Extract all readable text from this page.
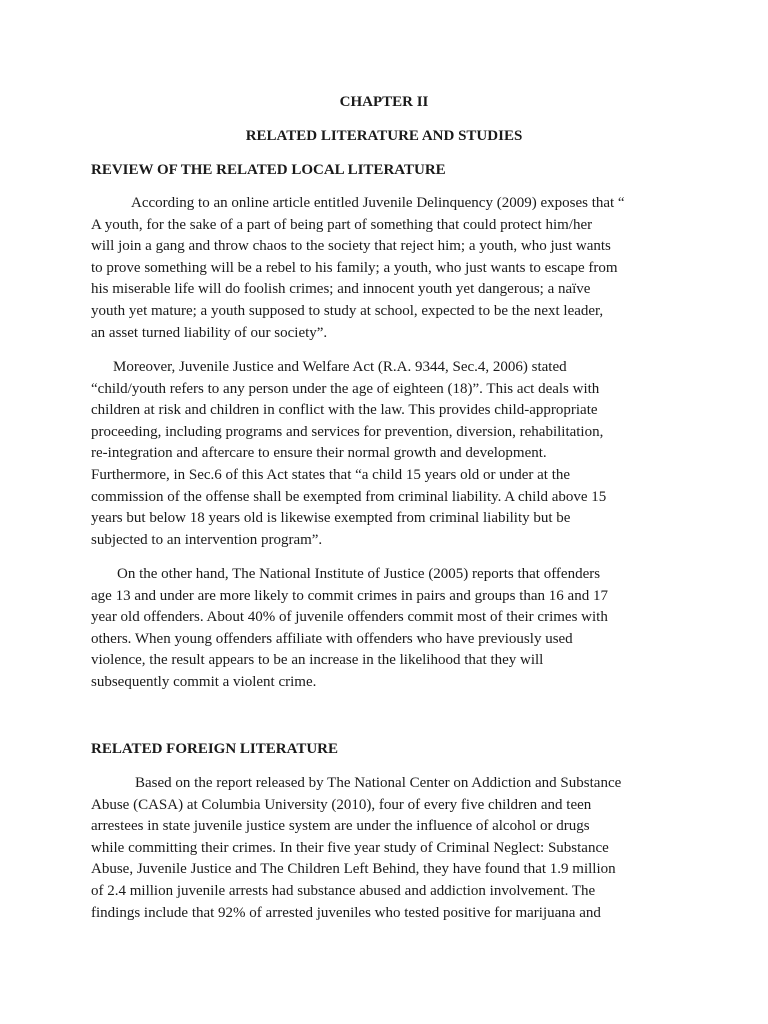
CHAPTER II
RELATED LITERATURE AND STUDIES
REVIEW OF THE RELATED LOCAL LITERATURE
According to an online article entitled Juvenile Delinquency (2009) exposes that “
A youth, for the sake of a part of being part of something that could protect him/her
will join a gang and throw chaos to the society that reject him; a youth, who just wants
to prove something will be a rebel to his family; a youth, who just wants to escape from
his miserable life will do foolish crimes; and innocent youth yet dangerous; a naïve
youth yet mature; a youth supposed to study at school, expected to be the next leader,
an asset turned liability of our society”.
Moreover, Juvenile Justice and Welfare Act (R.A. 9344, Sec.4, 2006) stated
“child/youth refers to any person under the age of eighteen (18)”. This act deals with
children at risk and children in conflict with the law. This provides child-appropriate
proceeding, including programs and services for prevention, diversion, rehabilitation,
re-integration and aftercare to ensure their normal growth and development.
Furthermore, in Sec.6 of this Act states that “a child 15 years old or under at the
commission of the offense shall be exempted from criminal liability. A child above 15
years but below 18 years old is likewise exempted from criminal liability but be
subjected to an intervention program”.
On the other hand, The National Institute of Justice (2005) reports that offenders
age 13 and under are more likely to commit crimes in pairs and groups than 16 and 17
year old offenders. About 40% of juvenile offenders commit most of their crimes with
others. When young offenders affiliate with offenders who have previously used
violence, the result appears to be an increase in the likelihood that they will
subsequently commit a violent crime.
RELATED FOREIGN LITERATURE
Based on the report released by The National Center on Addiction and Substance
Abuse (CASA) at Columbia University (2010), four of every five children and teen
arrestees in state juvenile justice system are under the influence of alcohol or drugs
while committing their crimes. In their five year study of Criminal Neglect: Substance
Abuse, Juvenile Justice and The Children Left Behind, they have found that 1.9 million
of 2.4 million juvenile arrests had substance abused and addiction involvement. The
findings include that 92% of arrested juveniles who tested positive for marijuana and
